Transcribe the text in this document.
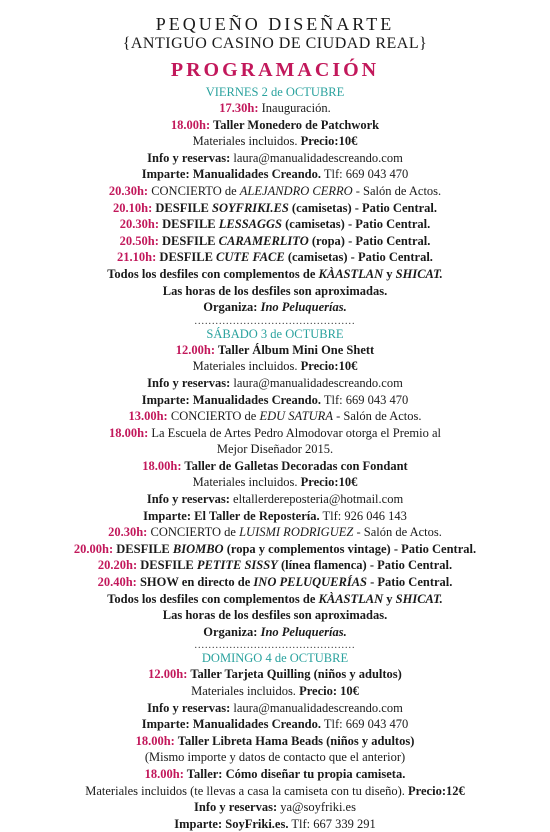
PEQUEÑO DISEÑARTE
{ANTIGUO CASINO DE CIUDAD REAL}
PROGRAMACIÓN
VIERNES 2 de OCTUBRE
17.30h: Inauguración.
18.00h: Taller Monedero de Patchwork
Materiales incluidos. Precio:10€
Info y reservas: laura@manualidadescreando.com
Imparte: Manualidades Creando. Tlf: 669 043 470
20.30h: CONCIERTO de ALEJANDRO CERRO - Salón de Actos.
20.10h: DESFILE SOYFRIKI.ES (camisetas) - Patio Central.
20.30h: DESFILE LESSAGGS (camisetas) - Patio Central.
20.50h: DESFILE CARAMERLITO (ropa) - Patio Central.
21.10h: DESFILE CUTE FACE (camisetas) - Patio Central.
Todos los desfiles con complementos de KÀASTLAN y SHICAT.
Las horas de los desfiles son aproximadas.
Organiza: Ino Peluquerías.
..............................................
SÁBADO 3 de OCTUBRE
12.00h: Taller Álbum Mini One Shett
Materiales incluidos. Precio:10€
Info y reservas: laura@manualidadescreando.com
Imparte: Manualidades Creando. Tlf: 669 043 470
13.00h: CONCIERTO de EDU SATURA - Salón de Actos.
18.00h: La Escuela de Artes Pedro Almodovar otorga el Premio al
Mejor Diseñador 2015.
18.00h: Taller de Galletas Decoradas con Fondant
Materiales incluidos. Precio:10€
Info y reservas: eltallerdereposteria@hotmail.com
Imparte: El Taller de Repostería. Tlf: 926 046 143
20.30h: CONCIERTO de LUISMI RODRIGUEZ - Salón de Actos.
20.00h: DESFILE BIOMBO (ropa y complementos vintage) - Patio Central.
20.20h: DESFILE PETITE SISSY (línea flamenca) - Patio Central.
20.40h: SHOW en directo de INO PELUQUERÍAS - Patio Central.
Todos los desfiles con complementos de KÀASTLAN y SHICAT.
Las horas de los desfiles son aproximadas.
Organiza: Ino Peluquerías.
..............................................
DOMINGO 4 de OCTUBRE
12.00h: Taller Tarjeta Quilling (niños y adultos)
Materiales incluidos. Precio: 10€
Info y reservas: laura@manualidadescreando.com
Imparte: Manualidades Creando. Tlf: 669 043 470
18.00h: Taller Libreta Hama Beads (niños y adultos)
(Mismo importe y datos de contacto que el anterior)
18.00h: Taller: Cómo diseñar tu propia camiseta.
Materiales incluidos (te llevas a casa la camiseta con tu diseño). Precio:12€
Info y reservas: ya@soyfriki.es
Imparte: SoyFriki.es. Tlf: 667 339 291
